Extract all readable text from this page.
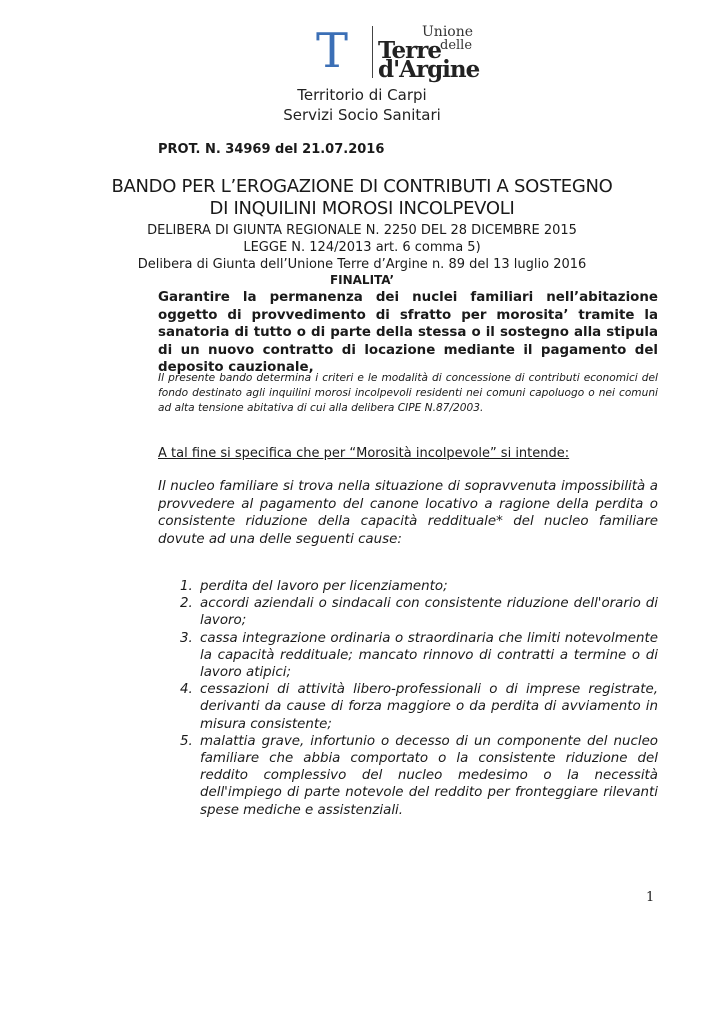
T	Unione
delle
Terre
d'Argine
Territorio di Carpi
Servizi Socio Sanitari
PROT. N. 34969 del 21.07.2016
BANDO PER L’EROGAZIONE DI CONTRIBUTI A SOSTEGNO
DI INQUILINI MOROSI INCOLPEVOLI
DELIBERA DI GIUNTA REGIONALE N. 2250 DEL 28 DICEMBRE 2015
LEGGE N. 124/2013 art. 6 comma 5)
Delibera di Giunta dell’Unione Terre d’Argine n. 89 del 13 luglio 2016
FINALITA’
Garantire la permanenza dei nuclei familiari nell’abitazione oggetto di provvedimento di sfratto per morosita’ tramite la sanatoria di tutto o di parte della stessa o il sostegno alla stipula di un nuovo contratto di locazione mediante il pagamento del deposito cauzionale,
Il presente bando determina i criteri e le modalità di concessione di contributi economici del fondo destinato agli inquilini morosi incolpevoli residenti nei comuni capoluogo o nei comuni ad alta tensione abitativa di cui alla delibera CIPE N.87/2003.
A tal fine si specifica che per “Morosità incolpevole” si intende:
Il nucleo familiare si trova nella situazione di sopravvenuta impossibilità a provvedere al pagamento del canone locativo a ragione della perdita o consistente riduzione della capacità reddituale* del nucleo familiare dovute ad una delle seguenti cause:
1. perdita del lavoro per licenziamento;
2. accordi aziendali o sindacali con consistente riduzione dell'orario di lavoro;
3. cassa integrazione ordinaria o straordinaria che limiti notevolmente la capacità reddituale; mancato rinnovo di contratti a termine o di lavoro atipici;
4. cessazioni di attività libero-professionali o di imprese registrate, derivanti da cause di forza maggiore o da perdita di avviamento in misura consistente;
5. malattia grave, infortunio o decesso di un componente del nucleo familiare che abbia comportato o la consistente riduzione del reddito complessivo del nucleo medesimo o la necessità dell'impiego di parte notevole del reddito per fronteggiare rilevanti spese mediche e assistenziali.
1
